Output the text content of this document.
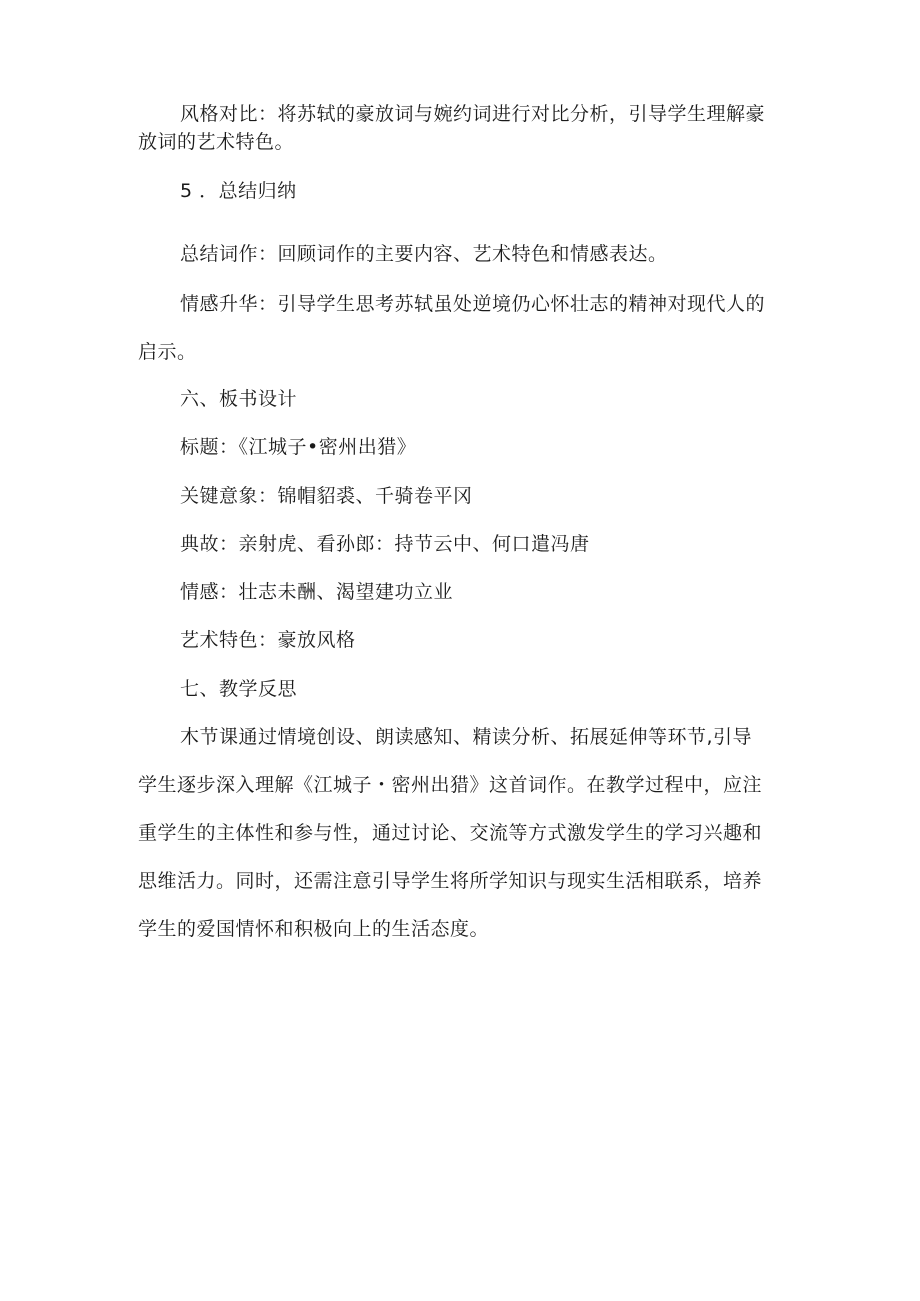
风格对比：将苏轼的豪放词与婉约词进行对比分析，引导学生理解豪
放词的艺术特色。
5 ．总结归纳
总结词作：回顾词作的主要内容、艺术特色和情感表达。
情感升华：引导学生思考苏轼虽处逆境仍心怀壮志的精神对现代人的
启示。
六、板书设计
标题：《江城子•密州出猎》
关键意象：锦帽貂裘、千骑卷平冈
典故：亲射虎、看孙郎：持节云中、何口遣冯唐
情感：壮志未酬、渴望建功立业
艺术特色：豪放风格
七、教学反思
木节课通过情境创设、朗读感知、精读分析、拓展延伸等环节,引导
学生逐步深入理解《江城子・密州出猎》这首词作。在教学过程中，应注
重学生的主体性和参与性，通过讨论、交流等方式激发学生的学习兴趣和
思维活力。同时，还需注意引导学生将所学知识与现实生活相联系，培养
学生的爱国情怀和积极向上的生活态度。
